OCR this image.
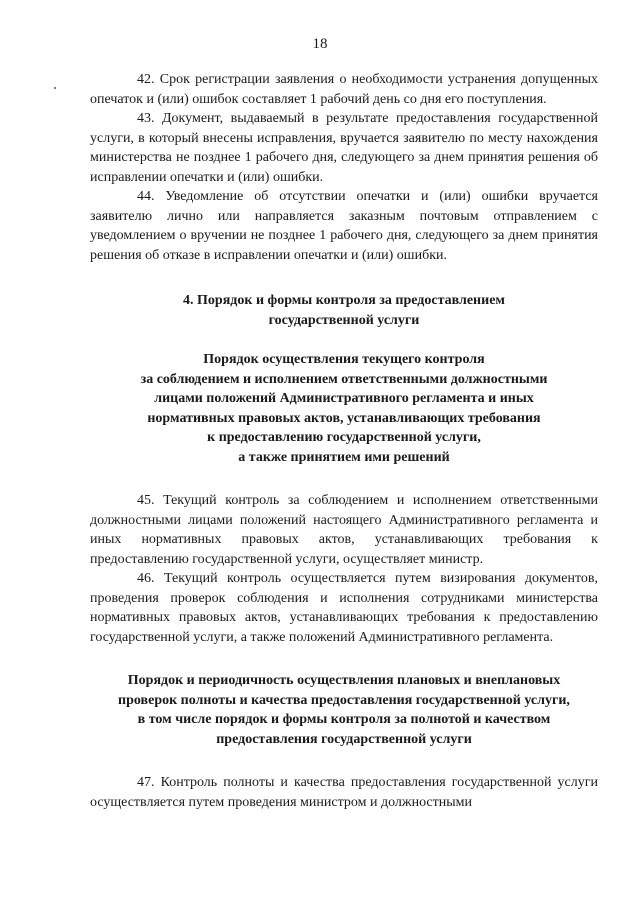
18

42. Срок регистрации заявления о необходимости устранения допущенных опечаток и (или) ошибок составляет 1 рабочий день со дня его поступления.

43. Документ, выдаваемый в результате предоставления государственной услуги, в который внесены исправления, вручается заявителю по месту нахождения министерства не позднее 1 рабочего дня, следующего за днем принятия решения об исправлении опечатки и (или) ошибки.

44. Уведомление об отсутствии опечатки и (или) ошибки вручается заявителю лично или направляется заказным почтовым отправлением с уведомлением о вручении не позднее 1 рабочего дня, следующего за днем принятия решения об отказе в исправлении опечатки и (или) ошибки.

4. Порядок и формы контроля за предоставлением
государственной услуги
Порядок осуществления текущего контроля
за соблюдением и исполнением ответственными должностными
лицами положений Административного регламента и иных
нормативных правовых актов, устанавливающих требования
к предоставлению государственной услуги,
а также принятием ими решений

45. Текущий контроль за соблюдением и исполнением ответственными должностными лицами положений настоящего Административного регламента и иных нормативных правовых актов, устанавливающих требования к предоставлению государственной услуги, осуществляет министр.

46. Текущий контроль осуществляется путем визирования документов, проведения проверок соблюдения и исполнения сотрудниками министерства нормативных правовых актов, устанавливающих требования к предоставлению государственной услуги, а также положений Административного регламента.

Порядок и периодичность осуществления плановых и внеплановых
проверок полноты и качества предоставления государственной услуги,
в том числе порядок и формы контроля за полнотой и качеством
предоставления государственной услуги

47. Контроль полноты и качества предоставления государственной услуги осуществляется путем проведения министром и должностными
